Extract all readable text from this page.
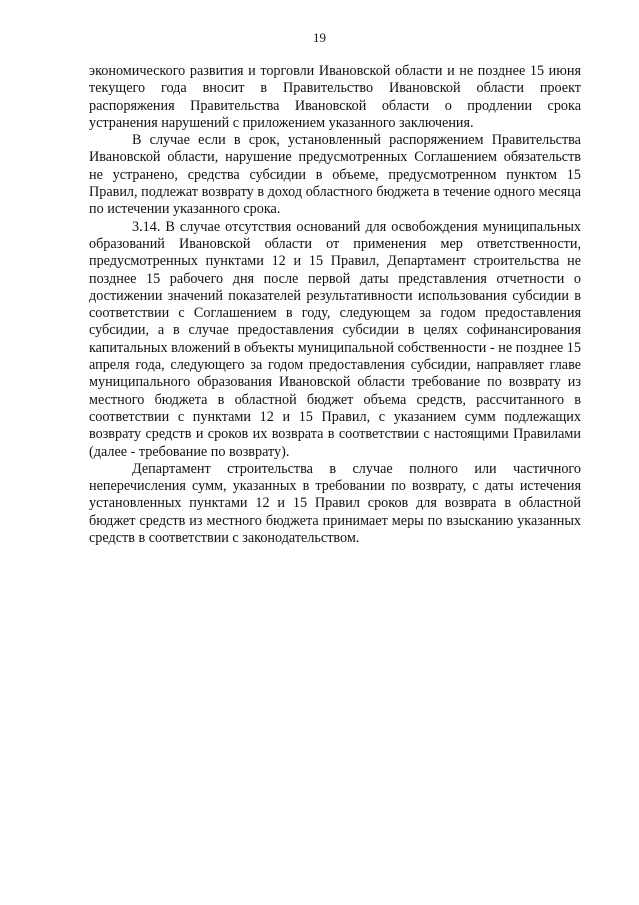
19

экономического развития и торговли Ивановской области и не позднее 15 июня текущего года вносит в Правительство Ивановской области проект распоряжения Правительства Ивановской области о продлении срока устранения нарушений с приложением указанного заключения.

В случае если в срок, установленный распоряжением Правительства Ивановской области, нарушение предусмотренных Соглашением обязательств не устранено, средства субсидии в объеме, предусмотренном пунктом 15 Правил, подлежат возврату в доход областного бюджета в течение одного месяца по истечении указанного срока.

3.14. В случае отсутствия оснований для освобождения муниципальных образований Ивановской области от применения мер ответственности, предусмотренных пунктами 12 и 15 Правил, Департамент строительства не позднее 15 рабочего дня после первой даты представления отчетности о достижении значений показателей результативности использования субсидии в соответствии с Соглашением в году, следующем за годом предоставления субсидии, а в случае предоставления субсидии в целях софинансирования капитальных вложений в объекты муниципальной собственности - не позднее 15 апреля года, следующего за годом предоставления субсидии, направляет главе муниципального образования Ивановской области требование по возврату из местного бюджета в областной бюджет объема средств, рассчитанного в соответствии с пунктами 12 и 15 Правил, с указанием сумм подлежащих возврату средств и сроков их возврата в соответствии с настоящими Правилами (далее - требование по возврату).

Департамент строительства в случае полного или частичного неперечисления сумм, указанных в требовании по возврату, с даты истечения установленных пунктами 12 и 15 Правил сроков для возврата в областной бюджет средств из местного бюджета принимает меры по взысканию указанных средств в соответствии с законодательством.
